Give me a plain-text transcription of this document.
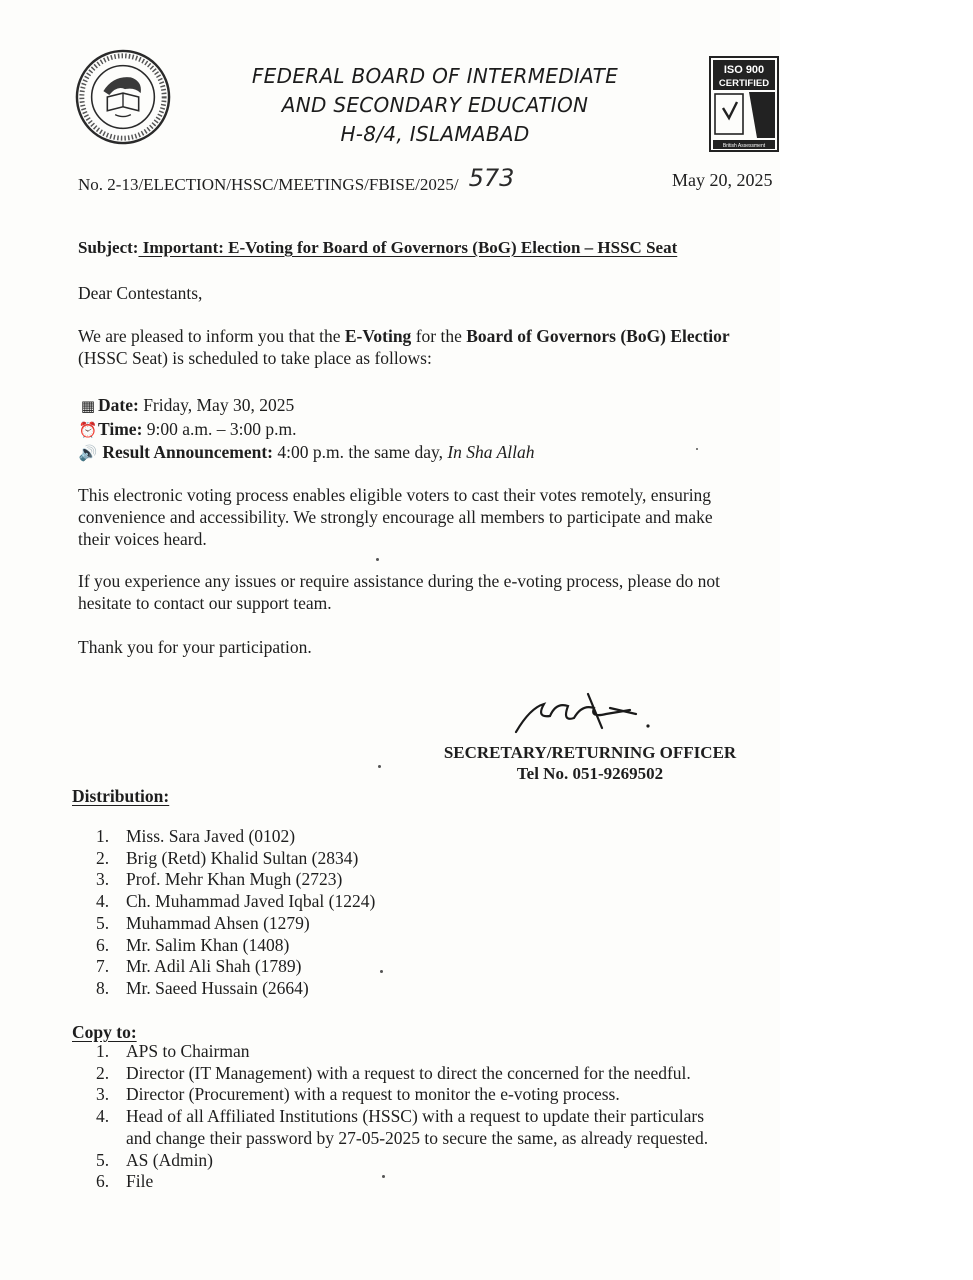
FEDERAL BOARD OF INTERMEDIATE
AND SECONDARY EDUCATION
H-8/4, ISLAMABAD
ISO 900
CERTIFIED
British Assessment
No. 2-13/ELECTION/HSSC/MEETINGS/FBISE/2025/ 573	May 20, 2025
Subject: Important: E-Voting for Board of Governors (BoG) Election – HSSC Seat
Dear Contestants,
We are pleased to inform you that the E-Voting for the Board of Governors (BoG) Electior
(HSSC Seat) is scheduled to take place as follows:
▦ Date: Friday, May 30, 2025
⏰Time: 9:00 a.m. – 3:00 p.m.
🔊 Result Announcement: 4:00 p.m. the same day, In Sha Allah
This electronic voting process enables eligible voters to cast their votes remotely, ensuring
convenience and accessibility. We strongly encourage all members to participate and make
their voices heard.
If you experience any issues or require assistance during the e-voting process, please do not
hesitate to contact our support team.
Thank you for your participation.
SECRETARY/RETURNING OFFICER
Tel No. 051-9269502
Distribution:
1. Miss. Sara Javed (0102)
2. Brig (Retd) Khalid Sultan (2834)
3. Prof. Mehr Khan Mugh (2723)
4. Ch. Muhammad Javed Iqbal (1224)
5. Muhammad Ahsen (1279)
6. Mr. Salim Khan (1408)
7. Mr. Adil Ali Shah (1789)
8. Mr. Saeed Hussain (2664)
Copy to:
1. APS to Chairman
2. Director (IT Management) with a request to direct the concerned for the needful.
3. Director (Procurement) with a request to monitor the e-voting process.
4. Head of all Affiliated Institutions (HSSC) with a request to update their particulars
and change their password by 27-05-2025 to secure the same, as already requested.
5. AS (Admin)
6. File
